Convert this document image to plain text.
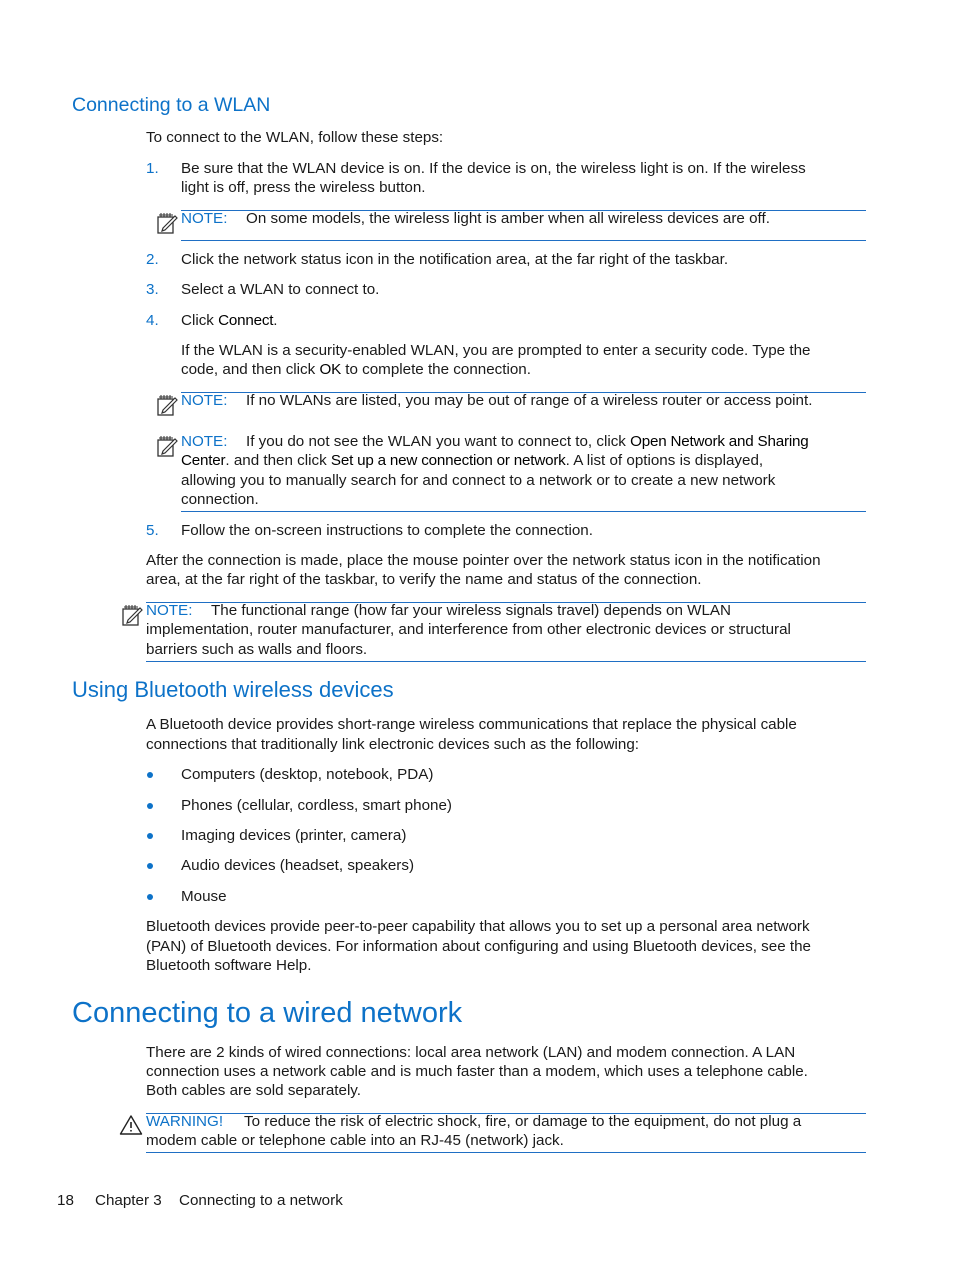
Connecting to a WLAN
To connect to the WLAN, follow these steps:
1. Be sure that the WLAN device is on. If the device is on, the wireless light is on. If the wireless
light is off, press the wireless button.
NOTE: On some models, the wireless light is amber when all wireless devices are off.
2. Click the network status icon in the notification area, at the far right of the taskbar.
3. Select a WLAN to connect to.
4. Click Connect.
If the WLAN is a security-enabled WLAN, you are prompted to enter a security code. Type the
code, and then click OK to complete the connection.
NOTE: If no WLANs are listed, you may be out of range of a wireless router or access point.
NOTE: If you do not see the WLAN you want to connect to, click Open Network and Sharing
Center. and then click Set up a new connection or network. A list of options is displayed,
allowing you to manually search for and connect to a network or to create a new network
connection.
5. Follow the on-screen instructions to complete the connection.
After the connection is made, place the mouse pointer over the network status icon in the notification
area, at the far right of the taskbar, to verify the name and status of the connection.
NOTE: The functional range (how far your wireless signals travel) depends on WLAN
implementation, router manufacturer, and interference from other electronic devices or structural
barriers such as walls and floors.
Using Bluetooth wireless devices
A Bluetooth device provides short-range wireless communications that replace the physical cable
connections that traditionally link electronic devices such as the following:
Computers (desktop, notebook, PDA)
Phones (cellular, cordless, smart phone)
Imaging devices (printer, camera)
Audio devices (headset, speakers)
Mouse
Bluetooth devices provide peer-to-peer capability that allows you to set up a personal area network
(PAN) of Bluetooth devices. For information about configuring and using Bluetooth devices, see the
Bluetooth software Help.
Connecting to a wired network
There are 2 kinds of wired connections: local area network (LAN) and modem connection. A LAN
connection uses a network cable and is much faster than a modem, which uses a telephone cable.
Both cables are sold separately.
WARNING! To reduce the risk of electric shock, fire, or damage to the equipment, do not plug a
modem cable or telephone cable into an RJ-45 (network) jack.
18 Chapter 3 Connecting to a network
